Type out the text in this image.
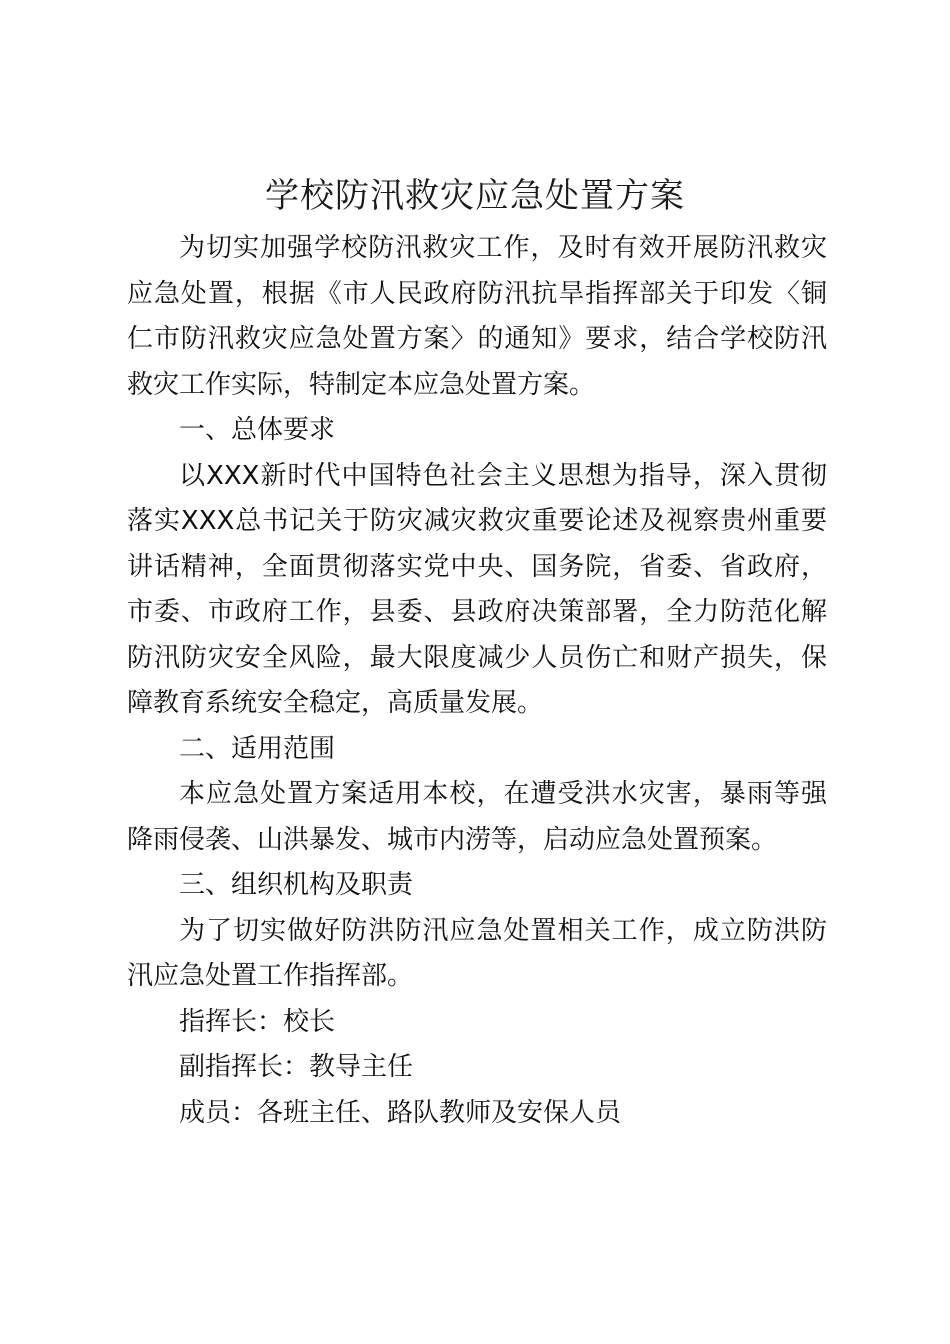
学校防汛救灾应急处置方案

为切实加强学校防汛救灾工作，及时有效开展防汛救灾应急处置，根据《市人民政府防汛抗旱指挥部关于印发〈铜仁市防汛救灾应急处置方案〉的通知》要求，结合学校防汛救灾工作实际，特制定本应急处置方案。

一、总体要求

以XXX新时代中国特色社会主义思想为指导，深入贯彻落实XXX总书记关于防灾减灾救灾重要论述及视察贵州重要讲话精神，全面贯彻落实党中央、国务院，省委、省政府，市委、市政府工作，县委、县政府决策部署，全力防范化解防汛防灾安全风险，最大限度减少人员伤亡和财产损失，保障教育系统安全稳定，高质量发展。

二、适用范围

本应急处置方案适用本校，在遭受洪水灾害，暴雨等强降雨侵袭、山洪暴发、城市内涝等，启动应急处置预案。

三、组织机构及职责

为了切实做好防洪防汛应急处置相关工作，成立防洪防汛应急处置工作指挥部。

指挥长：校长

副指挥长：教导主任

成员：各班主任、路队教师及安保人员
